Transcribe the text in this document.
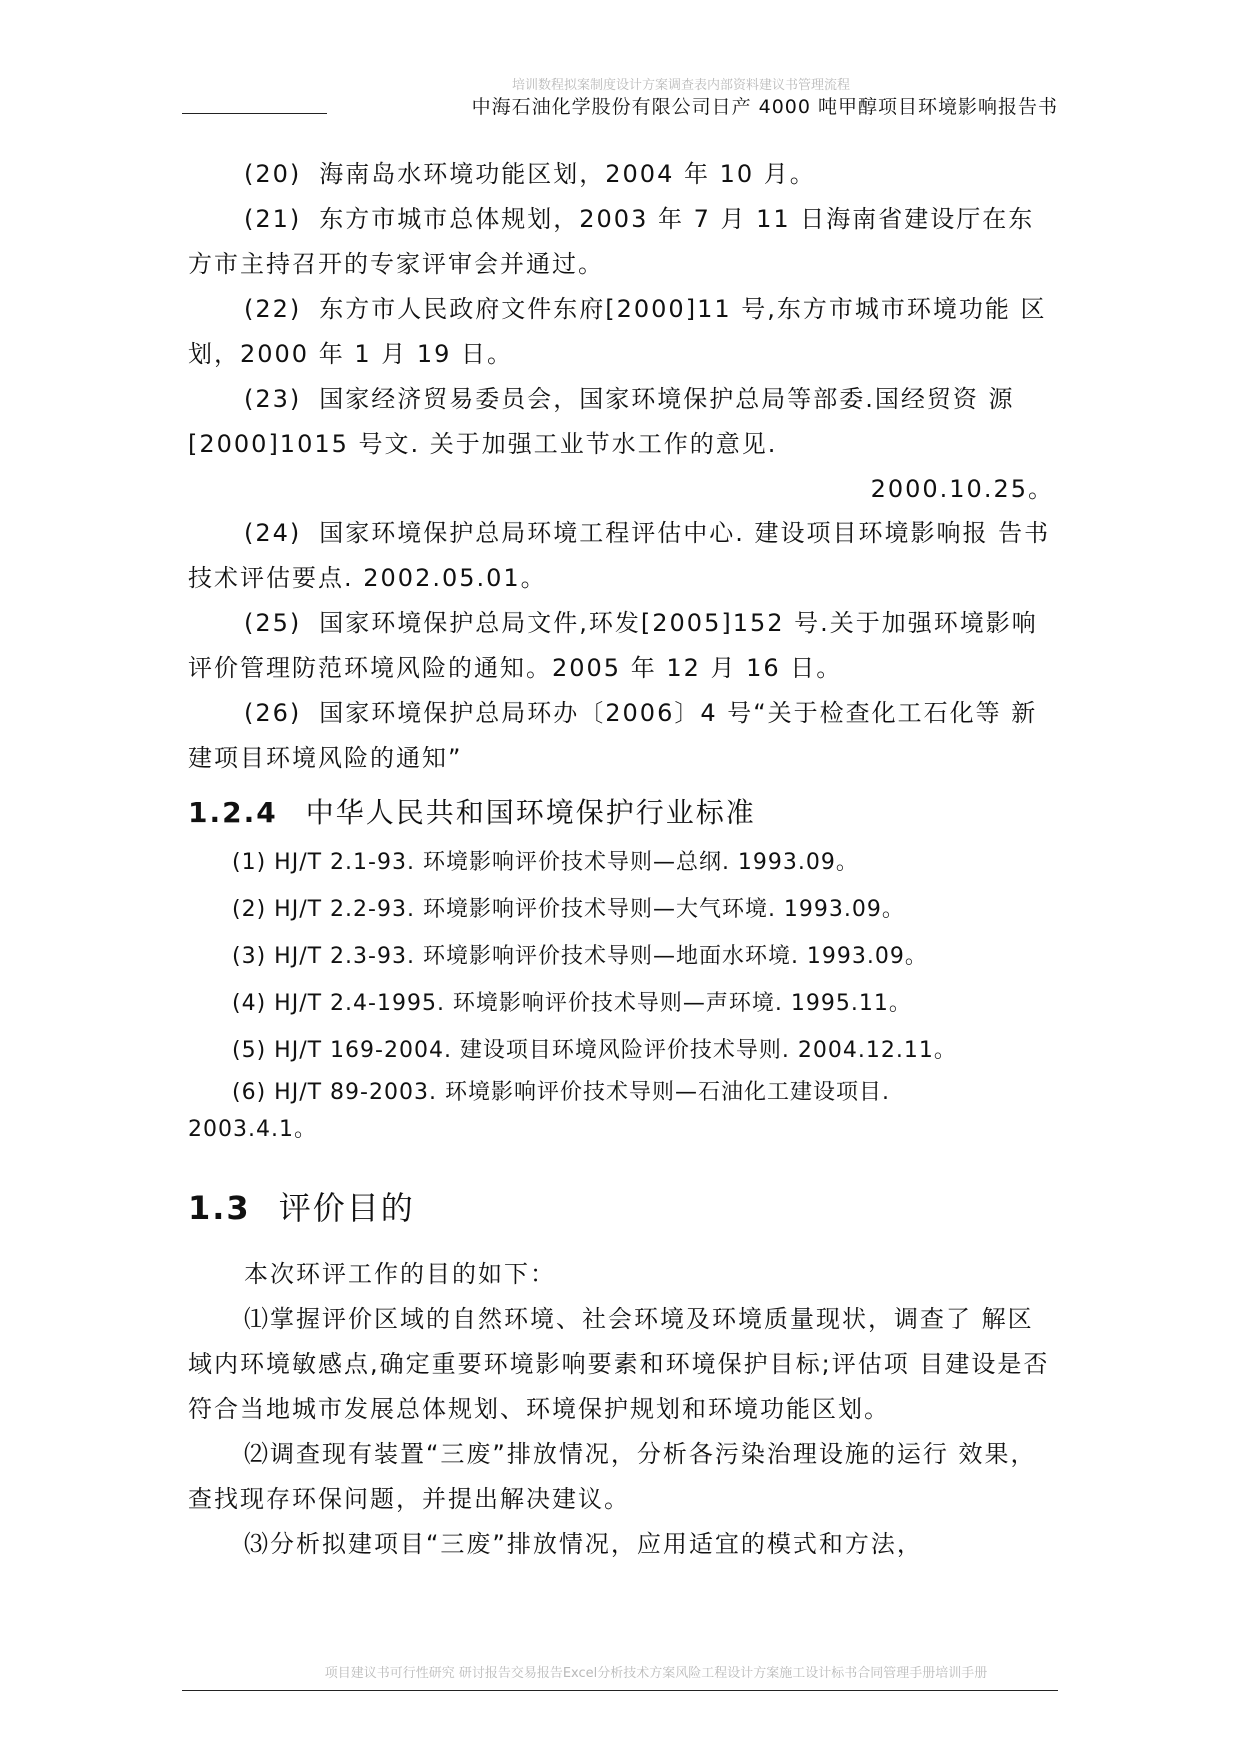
培训数程拟案制度设计方案调查表内部资料建议书管理流程
中海石油化学股份有限公司日产 4000 吨甲醇项目环境影响报告书

(20) 海南岛水环境功能区划，2004 年 10 月。

(21) 东方市城市总体规划，2003 年 7 月 11 日海南省建设厅在东 方市主持召开的专家评审会并通过。

(22) 东方市人民政府文件东府[2000]11 号,东方市城市环境功能 区划，2000 年 1 月 19 日。

(23) 国家经济贸易委员会，国家环境保护总局等部委.国经贸资 源[2000]1015 号文. 关于加强工业节水工作的意见.

2000.10.25。

(24) 国家环境保护总局环境工程评估中心. 建设项目环境影响报 告书技术评估要点. 2002.05.01。

(25) 国家环境保护总局文件,环发[2005]152 号.关于加强环境影响 评价管理防范环境风险的通知。2005 年 12 月 16 日。

(26) 国家环境保护总局环办〔2006〕4 号“关于检查化工石化等 新建项目环境风险的通知”

1.2.4 中华人民共和国环境保护行业标准

(1) HJ/T 2.1-93. 环境影响评价技术导则—总纲. 1993.09。

(2) HJ/T 2.2-93. 环境影响评价技术导则—大气环境. 1993.09。

(3) HJ/T 2.3-93. 环境影响评价技术导则—地面水环境. 1993.09。

(4) HJ/T 2.4-1995. 环境影响评价技术导则—声环境. 1995.11。

(5) HJ/T 169-2004. 建设项目环境风险评价技术导则. 2004.12.11。

(6) HJ/T 89-2003. 环境影响评价技术导则—石油化工建设项目.

2003.4.1。
1.3 评价目的

本次环评工作的目的如下：

⑴掌握评价区域的自然环境、社会环境及环境质量现状，调查了 解区域内环境敏感点,确定重要环境影响要素和环境保护目标;评估项 目建设是否符合当地城市发展总体规划、环境保护规划和环境功能区划。

⑵调查现有装置“三废”排放情况，分析各污染治理设施的运行 效果，查找现存环保问题，并提出解决建议。

⑶分析拟建项目“三废”排放情况，应用适宜的模式和方法，

项目建议书可行性研究 研讨报告交易报告Excel分析技术方案风险工程设计方案施工设计标书合同管理手册培训手册
